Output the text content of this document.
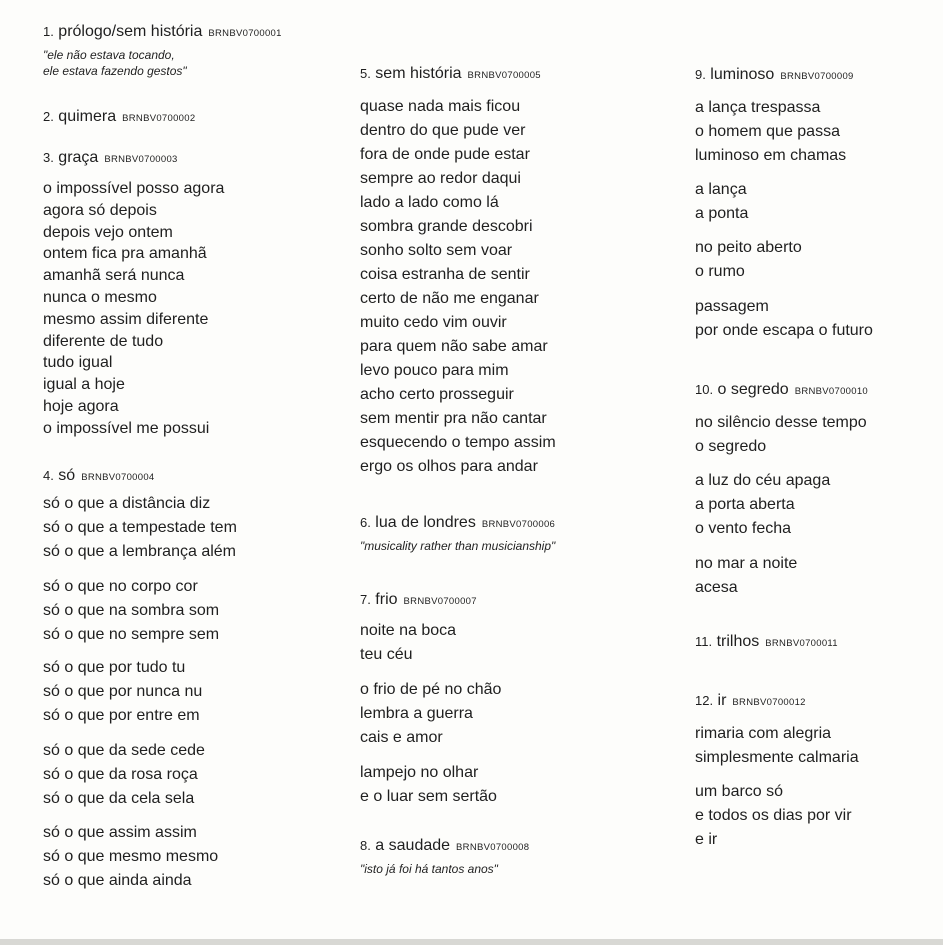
1. prólogo/sem história BRNBV0700001
"ele não estava tocando,
ele estava fazendo gestos"
2. quimera BRNBV0700002
3. graça BRNBV0700003
o impossível posso agora
agora só depois
depois vejo ontem
ontem fica pra amanhã
amanhã será nunca
nunca o mesmo
mesmo assim diferente
diferente de tudo
tudo igual
igual a hoje
hoje agora
o impossível me possui
4. só BRNBV0700004
só o que a distância diz
só o que a tempestade tem
só o que a lembrança além
só o que no corpo cor
só o que na sombra som
só o que no sempre sem
só o que por tudo tu
só o que por nunca nu
só o que por entre em
só o que da sede cede
só o que da rosa roça
só o que da cela sela
só o que assim assim
só o que mesmo mesmo
só o que ainda ainda
5. sem história BRNBV0700005
quase nada mais ficou
dentro do que pude ver
fora de onde pude estar
sempre ao redor daqui
lado a lado como lá
sombra grande descobri
sonho solto sem voar
coisa estranha de sentir
certo de não me enganar
muito cedo vim ouvir
para quem não sabe amar
levo pouco para mim
acho certo prosseguir
sem mentir pra não cantar
esquecendo o tempo assim
ergo os olhos para andar
6. lua de londres BRNBV0700006
"musicality rather than musicianship"
7. frio BRNBV0700007
noite na boca
teu céu
o frio de pé no chão
lembra a guerra
cais e amor
lampejo no olhar
e o luar sem sertão
8. a saudade BRNBV0700008
"isto já foi há tantos anos"
9. luminoso BRNBV0700009
a lança trespassa
o homem que passa
luminoso em chamas
a lança
a ponta
no peito aberto
o rumo
passagem
por onde escapa o futuro
10. o segredo BRNBV0700010
no silêncio desse tempo
o segredo
a luz do céu apaga
a porta aberta
o vento fecha
no mar a noite
acesa
11. trilhos BRNBV0700011
12. ir BRNBV0700012
rimaria com alegria
simplesmente calmaria
um barco só
e todos os dias por vir
e ir
